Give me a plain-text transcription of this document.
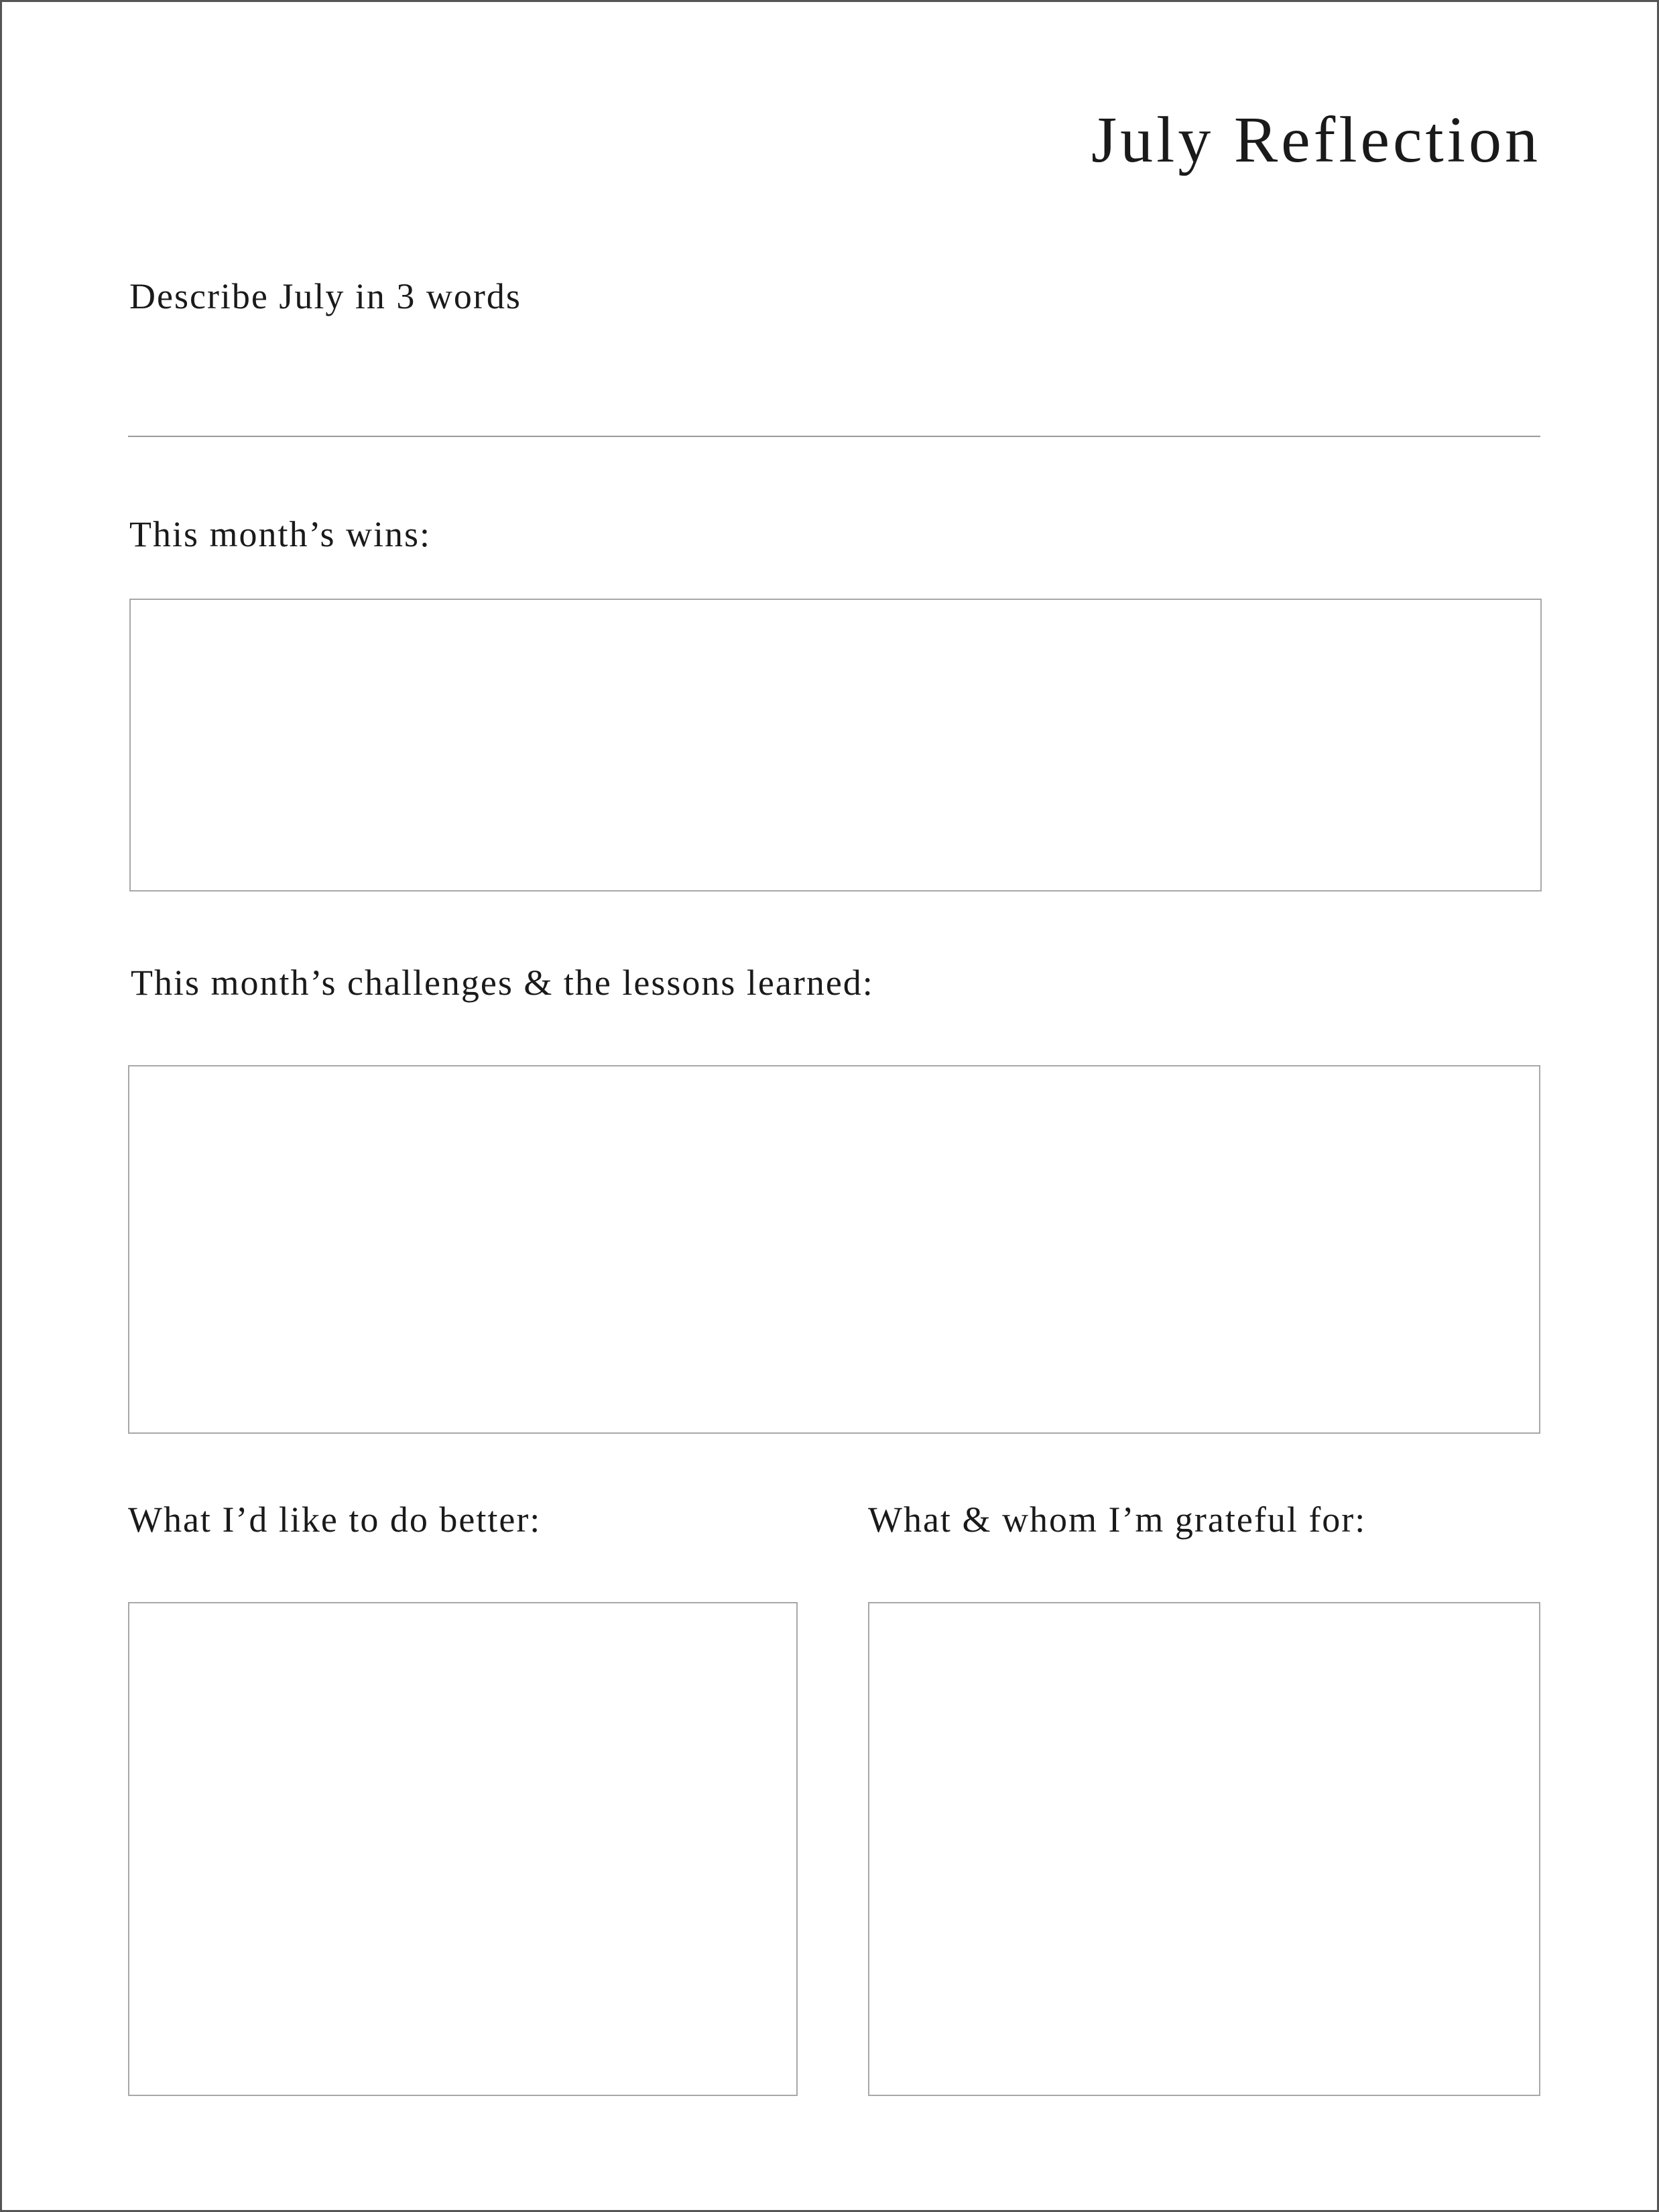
July Reflection

Describe July in 3 words

This month’s wins:

This month’s challenges & the lessons learned:

What I’d like to do better:	What & whom I’m grateful for:
